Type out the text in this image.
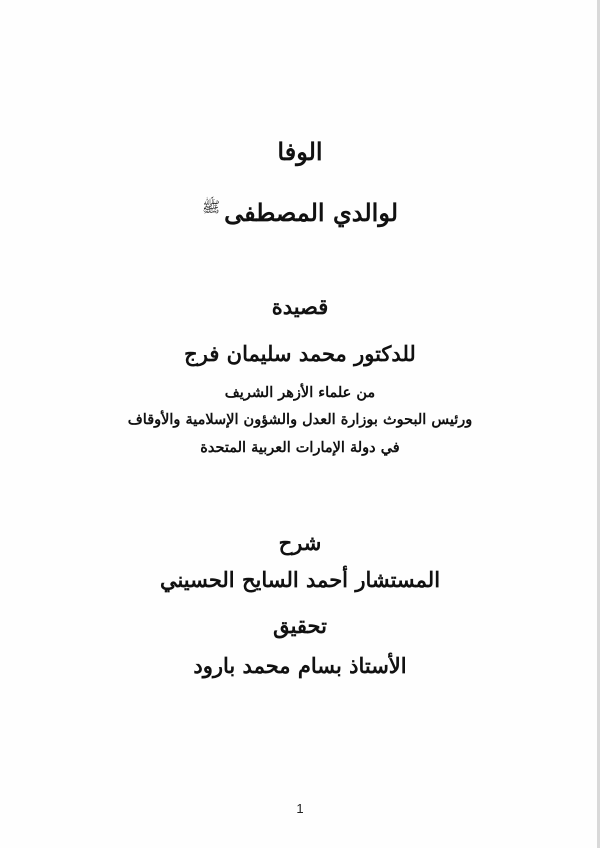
الوفا
لوالدي المصطفى$^ﷺ$
قصيدة
للدكتور محمد سليمان فرج
من علماء الأزهر الشريف
ورئيس البحوث بوزارة العدل والشؤون الإسلامية والأوقاف
في دولة الإمارات العربية المتحدة
شرح
المستشار أحمد السايح الحسيني
تحقيق
الأستاذ بسام محمد بارود
1
